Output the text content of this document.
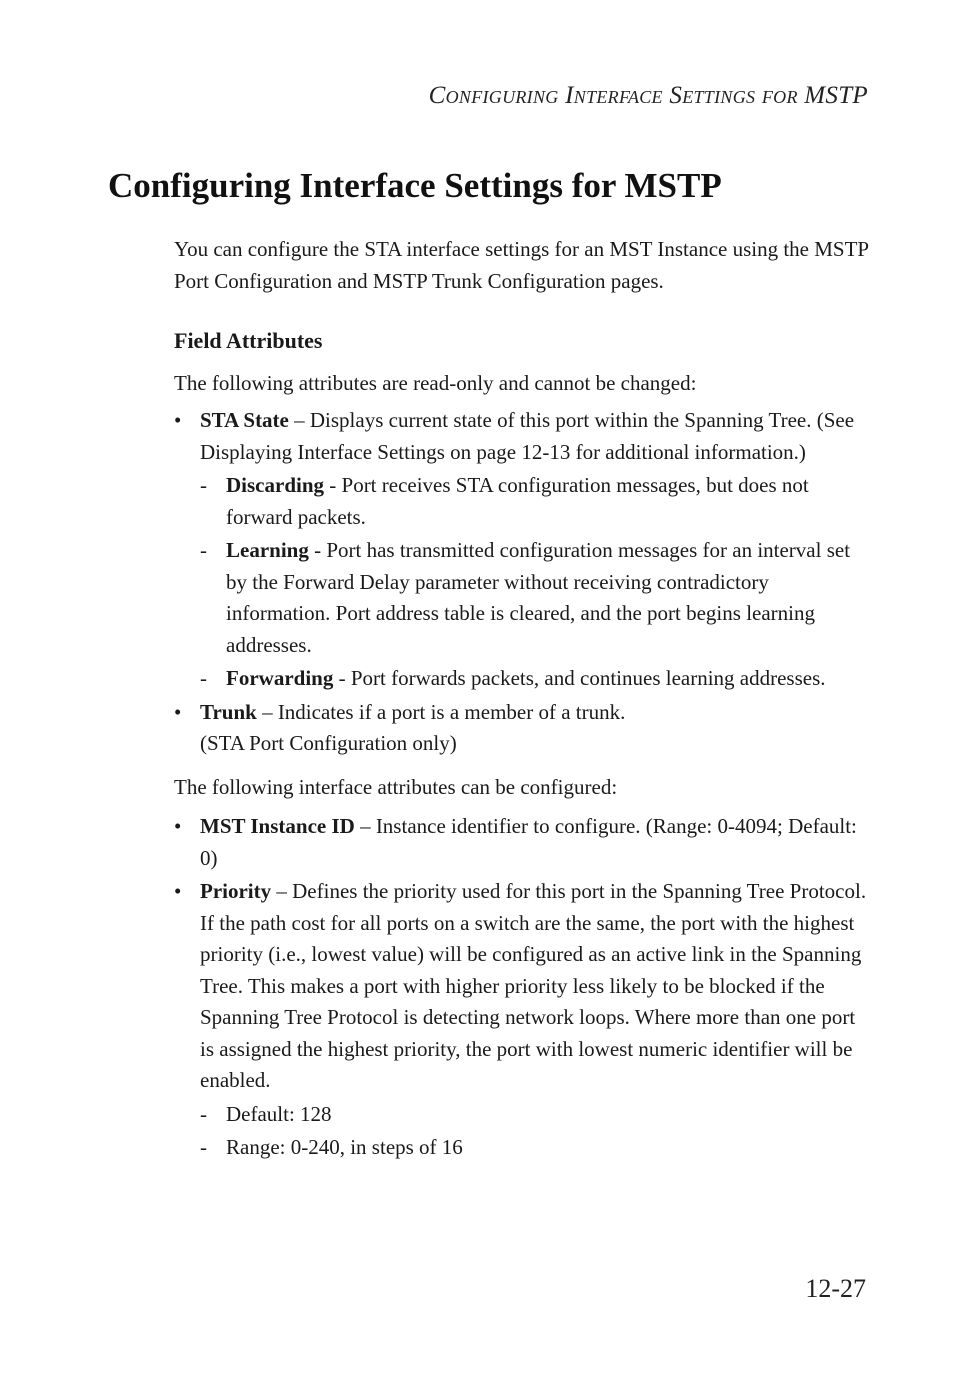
Configuring Interface Settings for MSTP
Configuring Interface Settings for MSTP

You can configure the STA interface settings for an MST Instance using the MSTP Port Configuration and MSTP Trunk Configuration pages.

Field Attributes

The following attributes are read-only and cannot be changed:

• STA State – Displays current state of this port within the Spanning Tree. (See Displaying Interface Settings on page 12-13 for additional information.)
- Discarding - Port receives STA configuration messages, but does not forward packets.
- Learning - Port has transmitted configuration messages for an interval set by the Forward Delay parameter without receiving contradictory information. Port address table is cleared, and the port begins learning addresses.
- Forwarding - Port forwards packets, and continues learning addresses.
• Trunk – Indicates if a port is a member of a trunk.
(STA Port Configuration only)

The following interface attributes can be configured:

• MST Instance ID – Instance identifier to configure. (Range: 0-4094; Default: 0)
• Priority – Defines the priority used for this port in the Spanning Tree Protocol. If the path cost for all ports on a switch are the same, the port with the highest priority (i.e., lowest value) will be configured as an active link in the Spanning Tree. This makes a port with higher priority less likely to be blocked if the Spanning Tree Protocol is detecting network loops. Where more than one port is assigned the highest priority, the port with lowest numeric identifier will be enabled.
- Default: 128
- Range: 0-240, in steps of 16
12-27
